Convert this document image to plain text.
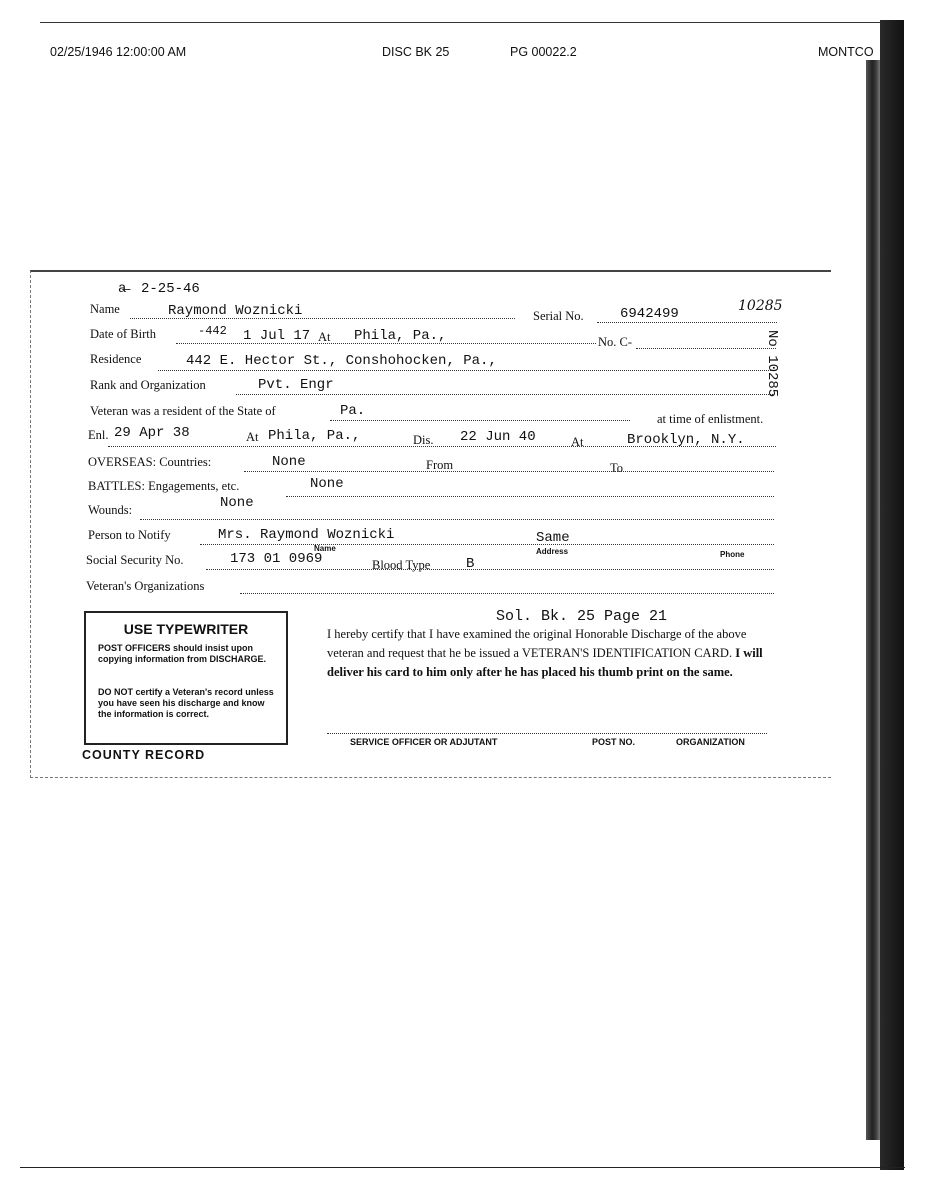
02/25/1946 12:00:00 AM	DISC BK 25	PG 00022.2	MONTCO
a̶ 2-25-46
Name	Raymond Woznicki	Serial No.	6942499	10285
Date of Birth	-442 1 Jul 17 At Phila, Pa.,	No. C-
Residence	442 E. Hector St., Conshohocken, Pa.,
Rank and Organization	Pvt. Engr
Veteran was a resident of the State of	Pa.	at time of enlistment.
Enl. 29 Apr 38	At Phila, Pa.,	Dis. 22 Jun 40	At	Brooklyn, N.Y.
OVERSEAS: Countries:	None	From	To
BATTLES: Engagements, etc.	None
Wounds:	None
Person to Notify	Mrs. Raymond Woznicki	Same
Name	Address	Phone
Social Security No.	173 01 0969	Blood Type	B
Veteran's Organizations
USE TYPEWRITER
POST OFFICERS should insist upon copying information from DISCHARGE.
DO NOT certify a Veteran's record unless you have seen his discharge and know the information is correct.
Sol. Bk. 25 Page 21
I hereby certify that I have examined the original Honorable Discharge of the above veteran and request that he be issued a VETERAN'S IDENTIFICATION CARD. I will deliver his card to him only after he has placed his thumb print on the same.
SERVICE OFFICER OR ADJUTANT	POST NO.	ORGANIZATION
COUNTY RECORD
No 10285
